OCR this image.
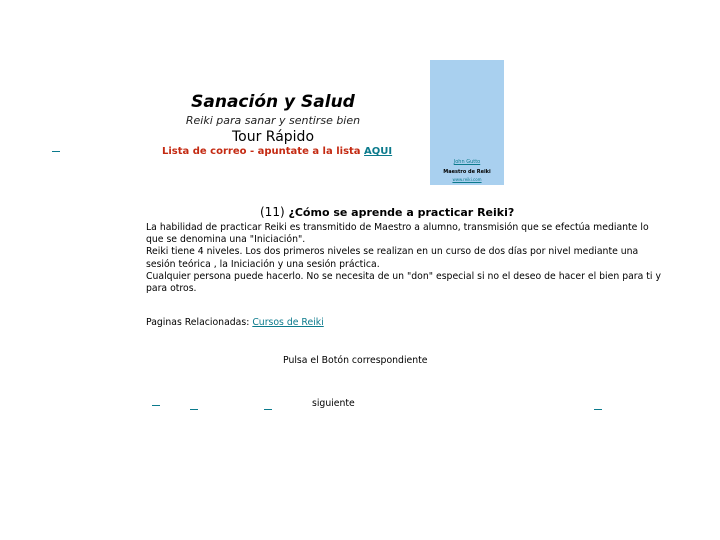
Sanación y Salud
Reiki para sanar y sentirse bien
Tour Rápido
Lista de correo - apuntate a la lista AQUI
John Gutto
Maestro de Reiki
www.reiki.com
(11) ¿Cómo se aprende a practicar Reiki?

La habilidad de practicar Reiki es transmitido de Maestro a alumno, transmisión que se efectúa mediante lo que se denomina una "Iniciación".

Reiki tiene 4 niveles. Los dos primeros niveles se realizan en un curso de dos días por nivel mediante una sesión teórica , la Iniciación y una sesión práctica.

Cualquier persona puede hacerlo. No se necesita de un "don" especial si no el deseo de hacer el bien para ti y para otros.

Paginas Relacionadas: Cursos de Reiki
Pulsa el Botón correspondiente
siguiente
